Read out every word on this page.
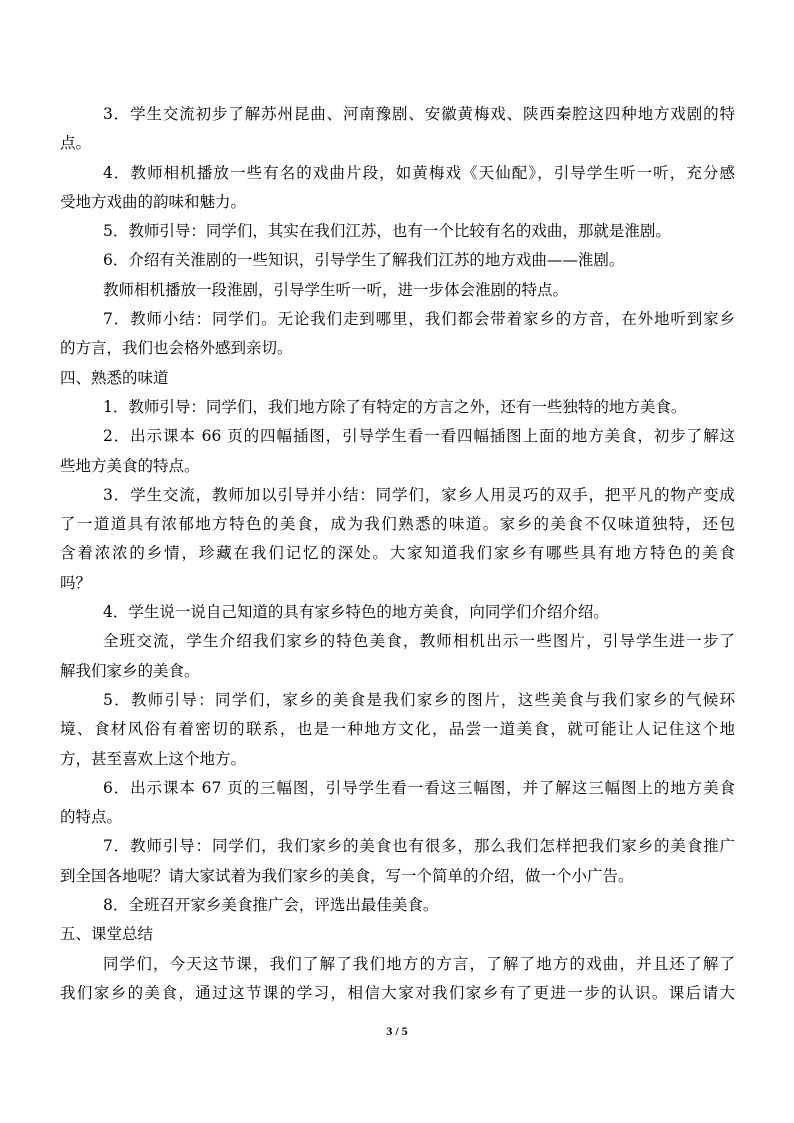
3．学生交流初步了解苏州昆曲、河南豫剧、安徽黄梅戏、陕西秦腔这四种地方戏剧的特
点。
4．教师相机播放一些有名的戏曲片段，如黄梅戏《天仙配》，引导学生听一听，充分感
受地方戏曲的韵味和魅力。
5．教师引导：同学们，其实在我们江苏，也有一个比较有名的戏曲，那就是淮剧。
6．介绍有关淮剧的一些知识，引导学生了解我们江苏的地方戏曲——淮剧。
教师相机播放一段淮剧，引导学生听一听，进一步体会淮剧的特点。
7．教师小结：同学们。无论我们走到哪里，我们都会带着家乡的方音，在外地听到家乡
的方言，我们也会格外感到亲切。
四、熟悉的味道
1．教师引导：同学们，我们地方除了有特定的方言之外，还有一些独特的地方美食。
2．出示课本 66 页的四幅插图，引导学生看一看四幅插图上面的地方美食，初步了解这
些地方美食的特点。
3．学生交流，教师加以引导并小结：同学们，家乡人用灵巧的双手，把平凡的物产变成
了一道道具有浓郁地方特色的美食，成为我们熟悉的味道。家乡的美食不仅味道独特，还包
含着浓浓的乡情，珍藏在我们记忆的深处。大家知道我们家乡有哪些具有地方特色的美食
吗？
4．学生说一说自己知道的具有家乡特色的地方美食，向同学们介绍介绍。
全班交流，学生介绍我们家乡的特色美食，教师相机出示一些图片，引导学生进一步了
解我们家乡的美食。
5．教师引导：同学们，家乡的美食是我们家乡的图片，这些美食与我们家乡的气候环
境、食材风俗有着密切的联系，也是一种地方文化，品尝一道美食，就可能让人记住这个地
方，甚至喜欢上这个地方。
6．出示课本 67 页的三幅图，引导学生看一看这三幅图，并了解这三幅图上的地方美食
的特点。
7．教师引导：同学们，我们家乡的美食也有很多，那么我们怎样把我们家乡的美食推广
到全国各地呢？请大家试着为我们家乡的美食，写一个简单的介绍，做一个小广告。
8．全班召开家乡美食推广会，评选出最佳美食。
五、课堂总结
同学们，今天这节课，我们了解了我们地方的方言，了解了地方的戏曲，并且还了解了
我们家乡的美食，通过这节课的学习，相信大家对我们家乡有了更进一步的认识。课后请大
3 / 5
